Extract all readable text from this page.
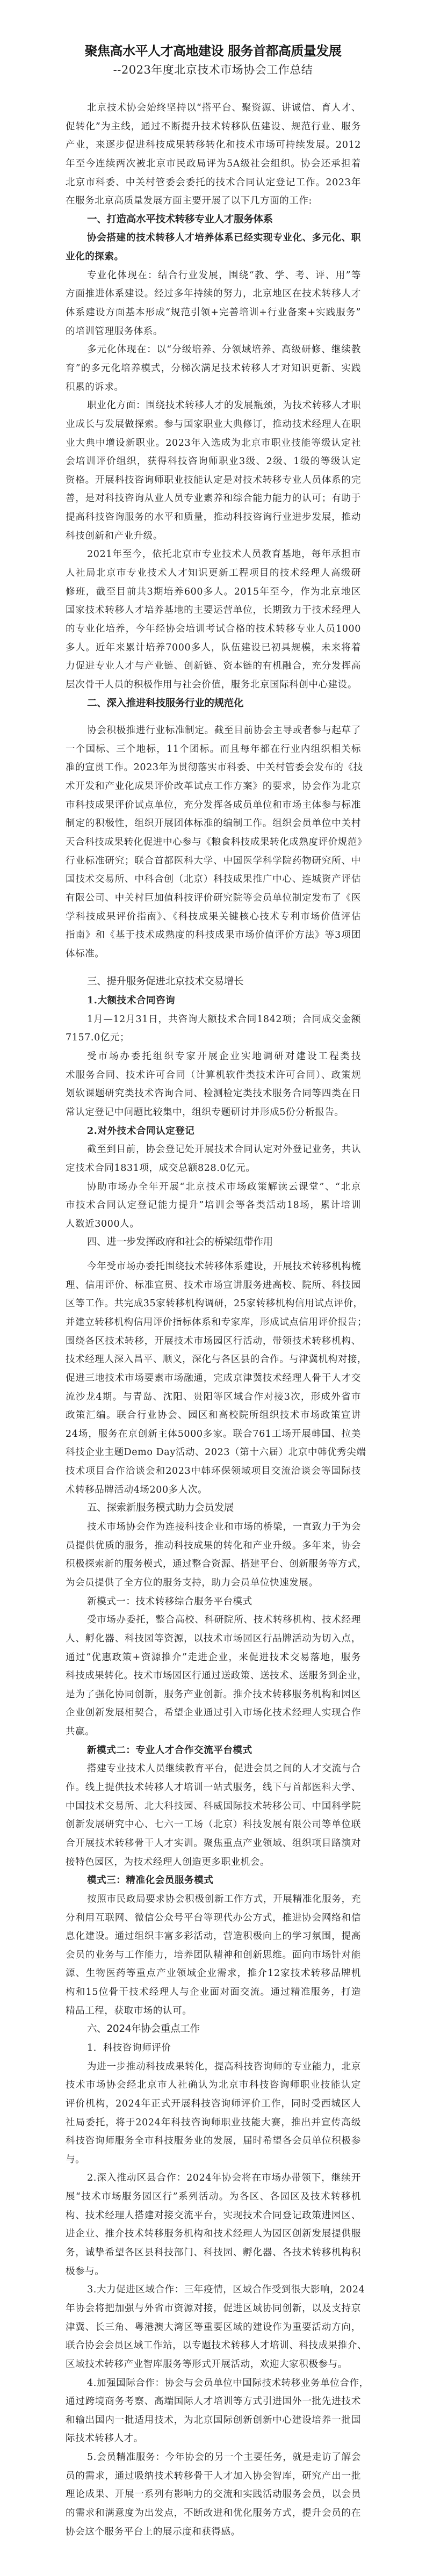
聚焦高水平人才高地建设 服务首都高质量发展
--2023年度北京技术市场协会工作总结
北京技术协会始终坚持以“搭平台、聚资源、讲诚信、育人才、
促转化”为主线，通过不断提升技术转移队伍建设、规范行业、服务
产业，来逐步促进科技成果转移转化和技术市场可持续发展。2012
年至今连续两次被北京市民政局评为5A级社会组织。协会还承担着
北京市科委、中关村管委会委托的技术合同认定登记工作。2023年
在服务北京高质量发展方面主要开展了以下几方面的工作:
一、打造高水平技术转移专业人才服务体系
协会搭建的技术转移人才培养体系已经实现专业化、多元化、职
业化的探索。
专业化体现在：结合行业发展，围绕“教、学、考、评、用”等
方面推进体系建设。经过多年持续的努力，北京地区在技术转移人才
体系建设方面基本形成“规范引领+完善培训+行业备案+实践服务”
的培训管理服务体系。
多元化体现在：以“分级培养、分领域培养、高级研修、继续教
育”的多元化培养模式，分梯次满足技术转移人才对知识更新、实践
积累的诉求。
职业化方面：围绕技术转移人才的发展瓶颈，为技术转移人才职
业成长与发展做探索。参与国家职业大典修订，推动技术经理人在职
业大典中增设新职业。2023年入选成为北京市职业技能等级认定社
会培训评价组织，获得科技咨询师职业3级、2级、1级的等级认定
资格。开展科技咨询师职业技能认定是对技术转移专业人员体系的完
善，是对科技咨询从业人员专业素养和综合能力能力的认可；有助于
提高科技咨询服务的水平和质量，推动科技咨询行业进步发展，推动
科技创新和产业升级。
2021年至今，依托北京市专业技术人员教育基地，每年承担市
人社局北京市专业技术人才知识更新工程项目的技术经理人高级研
修班，截至目前共3期培养600多人。2015年至今，作为北京地区
国家技术转移人才培养基地的主要运营单位，长期致力于技术经理人
的专业化培养，今年经协会培训考试合格的技术转移专业人员1000
多人。近年来累计培养7000多人，队伍建设已初具规模，未来将着
力促进专业人才与产业链、创新链、资本链的有机融合，充分发挥高
层次骨干人员的积极作用与社会价值，服务北京国际科创中心建设。
二、深入推进科技服务行业的规范化
协会积极推进行业标准制定。截至目前协会主导或者参与起草了
一个国标、三个地标，11个团标。而且每年都在行业内组织相关标
准的宣贯工作。2023年为贯彻落实市科委、中关村管委会发布的《技
术开发和产业化成果评价改革试点工作方案》的要求，协会作为北京
市科技成果评价试点单位，充分发挥各成员单位和市场主体参与标准
制定的积极性，组织开展团体标准的编制工作。组织会员单位中关村
天合科技成果转化促进中心参与《粮食科技成果转化成熟度评价规范》
行业标准研究；联合首都医科大学、中国医学科学院药物研究所、中
国技术交易所、中科合创（北京）科技成果推广中心、连城资产评估
有限公司、中关村巨加值科技评价研究院等会员单位制定发布了《医
学科技成果评价指南》、《科技成果关键核心技术专利市场价值评估
指南》和《基于技术成熟度的科技成果市场价值评价方法》等3项团
体标准。
三、提升服务促进北京技术交易增长
1.大额技术合同咨询
1月—12月31日，共咨询大额技术合同1842项；合同成交金额
7157.0亿元；
受市场办委托组织专家开展企业实地调研对建设工程类技
术服务合同、技术许可合同（计算机软件类技术许可合同）、政策规
划软课题研究类技术咨询合同、检测检定类技术服务合同等四类在日
常认定登记中问题比较集中，组织专题研讨并形成5份分析报告。
2.对外技术合同认定登记
截至到目前，协会登记处开展技术合同认定对外登记业务，共认
定技术合同1831项，成交总额828.0亿元。
协助市场办全年开展“北京技术市场政策解读云课堂”、“北京
市技术合同认定登记能力提升”培训会等各类活动18场，累计培训
人数近3000人。
四、进一步发挥政府和社会的桥梁纽带作用
今年受市场办委托围绕技术转移体系建设，开展技术转移机构梳
理、信用评价、标准宣贯、技术市场宣讲服务进高校、院所、科技园
区等工作。共完成35家转移机构调研，25家转移机构信用试点评价，
并建立转移机构信用评价指标体系和专家库，形成试点信用评价报告；
围绕各区技术转移，开展技术市场园区行活动，带领技术转移机构、
技术经理人深入昌平、顺义，深化与各区县的合作。与津冀机构对接，
促进三地技术市场要素市场融通，完成京津冀技术经理人骨干人才交
流沙龙4期。与青岛、沈阳、贵阳等区域合作对接3次，形成外省市
政策汇编。联合行业协会、园区和高校院所组织技术市场政策宣讲
24场，服务在京创新主体5000多家。联合761工场开展韩国、拉美
科技企业主题Demo Day活动、2023（第十六届）北京中韩优秀尖端
技术项目合作洽谈会和2023中韩环保领域项目交流洽谈会等国际技
术转移品牌活动4场200多人次。
五、探索新服务模式助力会员发展
技术市场协会作为连接科技企业和市场的桥梁，一直致力于为会
员提供优质的服务，推动科技成果的转化和产业升级。多年来，协会
积极探索新的服务模式，通过整合资源、搭建平台、创新服务等方式，
为会员提供了全方位的服务支持，助力会员单位快速发展。
新模式一：技术转移综合服务平台模式
受市场办委托，整合高校、科研院所、技术转移机构、技术经理
人、孵化器、科技园等资源，以技术市场园区行品牌活动为切入点，
通过“优惠政策+资源推介”走进企业，来促进技术交易落地，服务
科技成果转化。技术市场园区行通过送政策、送技术、送服务到企业，
是为了强化协同创新，服务产业创新。推介技术转移服务机构和园区
企业创新发展相契合，希望企业通过引入市场化技术经理人实现合作
共赢。
新模式二：专业人才合作交流平台模式
搭建专业技术人员继续教育平台，促进会员之间的人才交流与合
作。线上提供技术转移人才培训一站式服务，线下与首都医科大学、
中国技术交易所、北大科技园、科威国际技术转移公司、中国科学院
创新发展研究中心、七六一工场（北京）科技发展有限公司等单位联
合开展技术转移骨干人才实训。聚焦重点产业领域、组织项目路演对
接特色园区，为技术经理人创造更多职业机会。
模式三：精准化会员服务模式
按照市民政局要求协会积极创新工作方式，开展精准化服务，充
分利用互联网、微信公众号平台等现代办公方式，推进协会网络和信
息化建设。通过组织丰富多彩活动，营造积极向上的学习氛围，提高
会员的业务与工作能力，培养团队精神和创新思维。面向市场针对能
源、生物医药等重点产业领域企业需求，推介12家技术转移品牌机
构和15位骨干技术经理人与企业面对面交流。通过精准服务，打造
精品工程，获取市场的认可。
六、2024年协会重点工作
1．科技咨询师评价
为进一步推动科技成果转化，提高科技咨询师的专业能力，北京
技术市场协会经北京市人社确认为北京市科技咨询师职业技能认定
评价机构，2024年正式开展科技咨询师评价工作，同时受西城区人
社局委托，将于2024年科技咨询师职业技能大赛，推出并宣传高级
科技咨询师服务全市科技服务业的发展，届时希望各会员单位积极参
与。
2.深入推动区县合作：2024年协会将在市场办带领下，继续开
展“技术市场服务园区行”系列活动。为各区、各园区及技术转移机
构、技术经理人搭建对接交流平台，实现技术合同登记政策进园区、
进企业、推介技术转移服务机构和技术经理人为园区创新发展提供服
务，诚挚希望各区县科技部门、科技园、孵化器、各技术转移机构积
极参与。
3.大力促进区域合作：三年疫情，区域合作受到很大影响，2024
年协会将把加强与外省市资源对接，促进区域协同创新，以及支持京
津冀、长三角、粤港澳大湾区等重要区域的建设作为重要活动方向，
联合协会会员区域工作站，以专题技术转移人才培训、科技成果推介、
区域技术转移产业智库服务等形式开展活动，欢迎大家积极参与。
4.加强国际合作：协会与会员单位中国际技术转移业务单位合作，
通过跨境商务考察、高端国际人才培训等方式引进国外一批先进技术
和输出国内一批适用技术，为北京国际创新创新中心建设培养一批国
际技术转移人才。
5.会员精准服务：今年协会的另一个主要任务，就是走访了解会
员的需求，通过吸纳技术转移骨干人才加入协会智库，研究产出一批
理论成果、开展一系列有影响力的交流和实践活动服务会员，以会员
的需求和满意度为出发点，不断改进和优化服务方式，提升会员的在
协会这个服务平台上的展示度和获得感。
